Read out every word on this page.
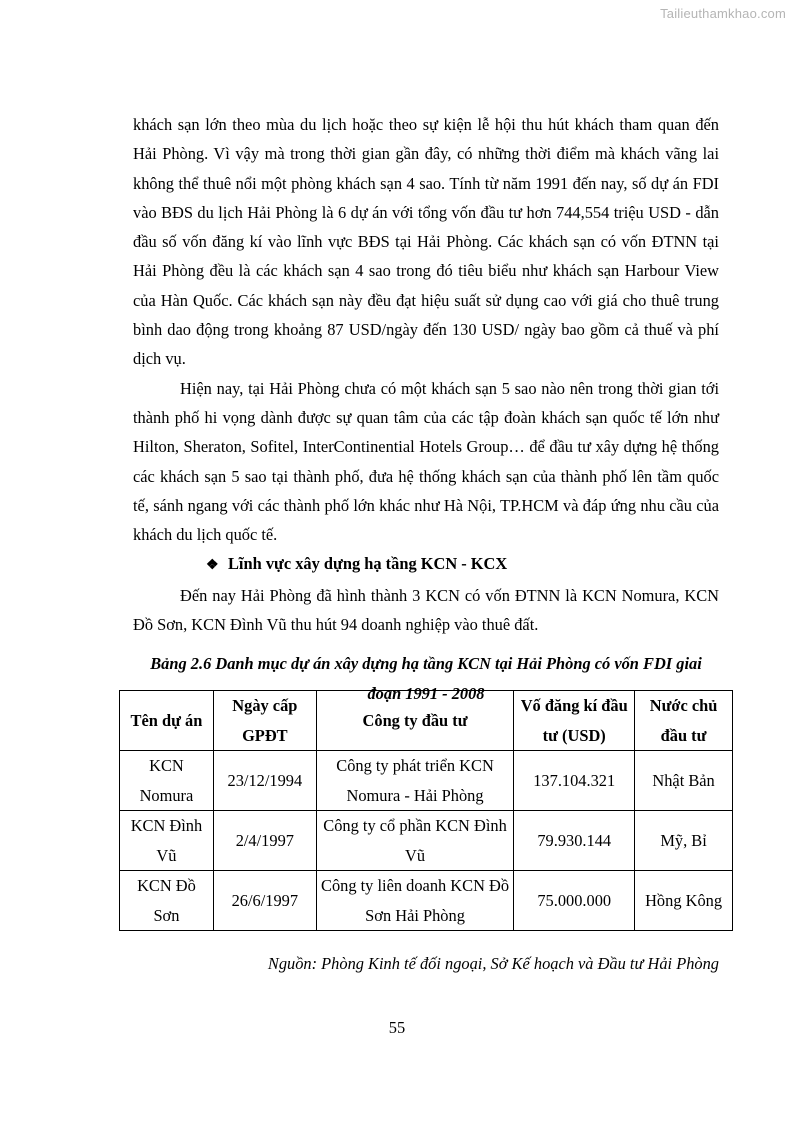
Tailieuthamkhao.com

khách sạn lớn theo mùa du lịch hoặc theo sự kiện lễ hội thu hút khách tham quan đến Hải Phòng. Vì vậy mà trong thời gian gần đây, có những thời điểm mà khách vãng lai không thể thuê nổi một phòng khách sạn 4 sao. Tính từ năm 1991 đến nay, số dự án FDI vào BĐS du lịch Hải Phòng là 6 dự án với tổng vốn đầu tư hơn 744,554 triệu USD - dẫn đầu số vốn đăng kí vào lĩnh vực BĐS tại Hải Phòng. Các khách sạn có vốn ĐTNN tại Hải Phòng đều là các khách sạn 4 sao trong đó tiêu biểu như khách sạn Harbour View của Hàn Quốc. Các khách sạn này đều đạt hiệu suất sử dụng cao với giá cho thuê trung bình dao động trong khoảng 87 USD/ngày đến 130 USD/ ngày bao gồm cả thuế và phí dịch vụ.

Hiện nay, tại Hải Phòng chưa có một khách sạn 5 sao nào nên trong thời gian tới thành phố hi vọng dành được sự quan tâm của các tập đoàn khách sạn quốc tế lớn như Hilton, Sheraton, Sofitel, InterContinential Hotels Group… để đầu tư xây dựng hệ thống các khách sạn 5 sao tại thành phố, đưa hệ thống khách sạn của thành phố lên tầm quốc tế, sánh ngang với các thành phố lớn khác như Hà Nội, TP.HCM và đáp ứng nhu cầu của khách du lịch quốc tế.

❖ Lĩnh vực xây dựng hạ tầng KCN - KCX

Đến nay Hải Phòng đã hình thành 3 KCN có vốn ĐTNN là KCN Nomura, KCN Đồ Sơn, KCN Đình Vũ thu hút 94 doanh nghiệp vào thuê đất.

Bảng 2.6 Danh mục dự án xây dựng hạ tầng KCN tại Hải Phòng có vốn FDI giai đoạn 1991 - 2008

Tên dự án	Ngày cấp GPĐT	Công ty đầu tư	Vố đăng kí đầu tư (USD)	Nước chủ đầu tư
KCN Nomura	23/12/1994	Công ty phát triển KCN Nomura - Hải Phòng	137.104.321	Nhật Bản
KCN Đình Vũ	2/4/1997	Công ty cổ phần KCN Đình Vũ	79.930.144	Mỹ, Bỉ
KCN Đồ Sơn	26/6/1997	Công ty liên doanh KCN Đồ Sơn Hải Phòng	75.000.000	Hồng Kông
Nguồn: Phòng Kinh tế đối ngoại, Sở Kế hoạch và Đầu tư Hải Phòng
55
